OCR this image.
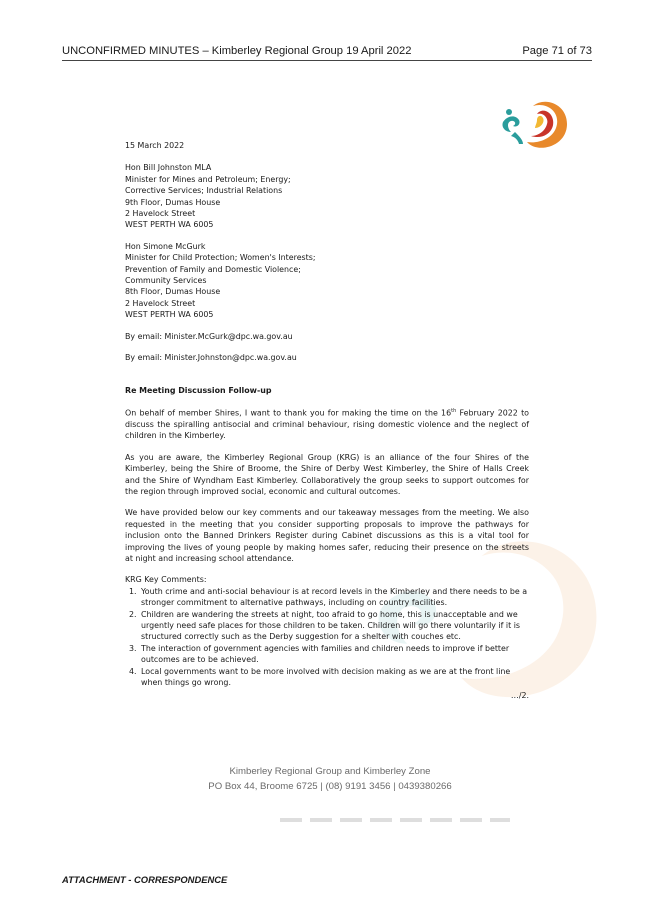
UNCONFIRMED MINUTES – Kimberley Regional Group 19 April 2022	Page 71 of 73

15 March 2022

Hon Bill Johnston MLA
Minister for Mines and Petroleum; Energy;
Corrective Services; Industrial Relations
9th Floor, Dumas House
2 Havelock Street
WEST PERTH WA 6005
Hon Simone McGurk
Minister for Child Protection; Women's Interests;
Prevention of Family and Domestic Violence;
Community Services
8th Floor, Dumas House
2 Havelock Street
WEST PERTH WA 6005

By email: Minister.McGurk@dpc.wa.gov.au

By email: Minister.Johnston@dpc.wa.gov.au

Re Meeting Discussion Follow-up

On behalf of member Shires, I want to thank you for making the time on the 16th February 2022 to discuss the spiralling antisocial and criminal behaviour, rising domestic violence and the neglect of children in the Kimberley.

As you are aware, the Kimberley Regional Group (KRG) is an alliance of the four Shires of the Kimberley, being the Shire of Broome, the Shire of Derby West Kimberley, the Shire of Halls Creek and the Shire of Wyndham East Kimberley. Collaboratively the group seeks to support outcomes for the region through improved social, economic and cultural outcomes.

We have provided below our key comments and our takeaway messages from the meeting. We also requested in the meeting that you consider supporting proposals to improve the pathways for inclusion onto the Banned Drinkers Register during Cabinet discussions as this is a vital tool for improving the lives of young people by making homes safer, reducing their presence on the streets at night and increasing school attendance.

KRG Key Comments:

1. Youth crime and anti-social behaviour is at record levels in the Kimberley and there needs to be a stronger commitment to alternative pathways, including on country facilities.
2. Children are wandering the streets at night, too afraid to go home, this is unacceptable and we urgently need safe places for those children to be taken. Children will go there voluntarily if it is structured correctly such as the Derby suggestion for a shelter with couches etc.
3. The interaction of government agencies with families and children needs to improve if better outcomes are to be achieved.
4. Local governments want to be more involved with decision making as we are at the front line when things go wrong.

…/2.

Kimberley Regional Group and Kimberley Zone
PO Box 44, Broome 6725 | (08) 9191 3456 | 0439380266
ATTACHMENT - CORRESPONDENCE
